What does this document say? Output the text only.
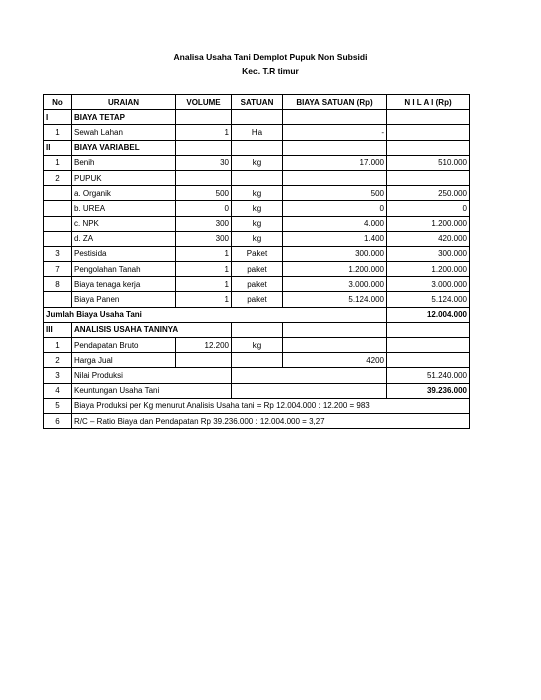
Analisa Usaha Tani Demplot Pupuk Non Subsidi
Kec. T.R timur
No	URAIAN	VOLUME	SATUAN	BIAYA SATUAN (Rp)	N I L A I (Rp)
I	BIAYA TETAP				
1	Sewah Lahan	1	Ha	-	
II	BIAYA VARIABEL				
1	Benih	30	kg	17.000	510.000
2	PUPUK				
	a. Organik	500	kg	500	250.000
	b. UREA	0	kg	0	0
	c. NPK	300	kg	4.000	1.200.000
	d. ZA	300	kg	1.400	420.000
3	Pestisida	1	Paket	300.000	300.000
7	Pengolahan Tanah	1	paket	1.200.000	1.200.000
8	Biaya tenaga kerja	1	paket	3.000.000	3.000.000
	Biaya Panen	1	paket	5.124.000	5.124.000
Jumlah Biaya Usaha Tani					12.004.000
III	ANALISIS USAHA TANINYA				
1	Pendapatan Bruto	12.200	kg		
2	Harga Jual			4200	
3	Nilai Produksi				51.240.000
4	Keuntungan Usaha Tani				39.236.000
5	Biaya Produksi per Kg menurut Analisis Usaha tani = Rp 12.004.000 : 12.200 = 983				
6	R/C – Ratio Biaya dan Pendapatan Rp 39.236.000 : 12.004.000 = 3,27				
